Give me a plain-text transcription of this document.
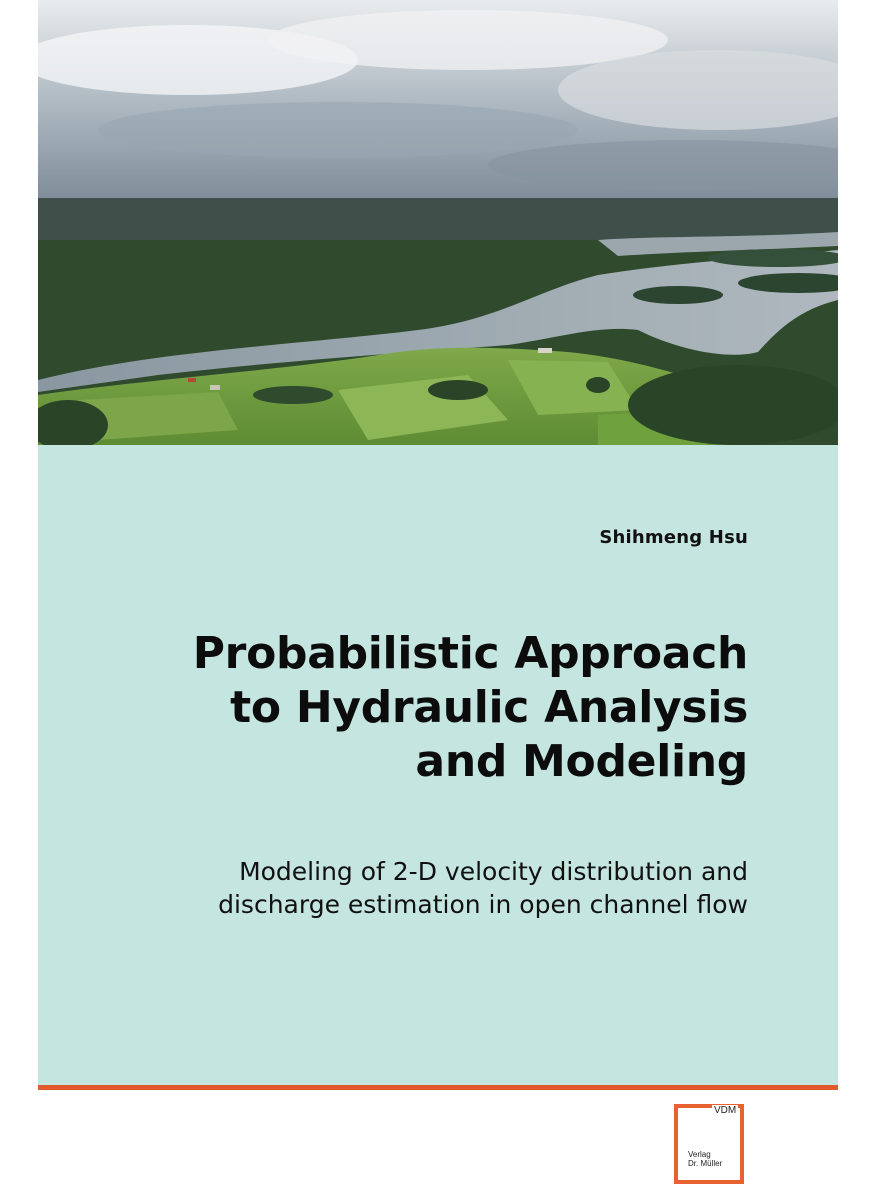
Shihmeng Hsu
Probabilistic Approach
to Hydraulic Analysis
and Modeling
Modeling of 2-D velocity distribution and
discharge estimation in open channel flow
VDM
Verlag
Dr. Müller
